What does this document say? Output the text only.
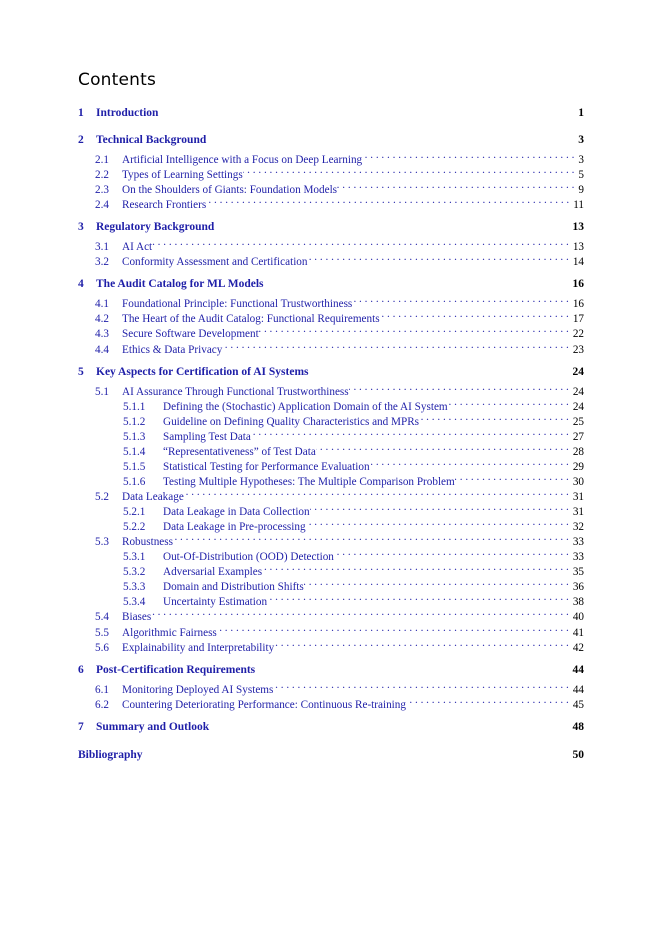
Contents
1	Introduction	1
2	Technical Background	3
2.1	Artificial Intelligence with a Focus on Deep Learning . . .	3
2.2	Types of Learning Settings . . .	5
2.3	On the Shoulders of Giants: Foundation Models . . .	9
2.4	Research Frontiers . . .	11
3	Regulatory Background	13
3.1	AI Act . . .	13
3.2	Conformity Assessment and Certification . . .	14
4	The Audit Catalog for ML Models	16
4.1	Foundational Principle: Functional Trustworthiness . . .	16
4.2	The Heart of the Audit Catalog: Functional Requirements . . .	17
4.3	Secure Software Development . . .	22
4.4	Ethics & Data Privacy . . .	23
5	Key Aspects for Certification of AI Systems	24
5.1	AI Assurance Through Functional Trustworthiness . . .	24
5.1.1	Defining the (Stochastic) Application Domain of the AI System . . .	24
5.1.2	Guideline on Defining Quality Characteristics and MPRs . . .	25
5.1.3	Sampling Test Data . . .	27
5.1.4	“Representativeness” of Test Data . . .	28
5.1.5	Statistical Testing for Performance Evaluation . . .	29
5.1.6	Testing Multiple Hypotheses: The Multiple Comparison Problem . . .	30
5.2	Data Leakage . . .	31
5.2.1	Data Leakage in Data Collection . . .	31
5.2.2	Data Leakage in Pre-processing . . .	32
5.3	Robustness . . .	33
5.3.1	Out-Of-Distribution (OOD) Detection . . .	33
5.3.2	Adversarial Examples . . .	35
5.3.3	Domain and Distribution Shifts . . .	36
5.3.4	Uncertainty Estimation . . .	38
5.4	Biases . . .	40
5.5	Algorithmic Fairness . . .	41
5.6	Explainability and Interpretability . . .	42
6	Post-Certification Requirements	44
6.1	Monitoring Deployed AI Systems . . .	44
6.2	Countering Deteriorating Performance: Continuous Re-training . . .	45
7	Summary and Outlook	48
Bibliography	50
